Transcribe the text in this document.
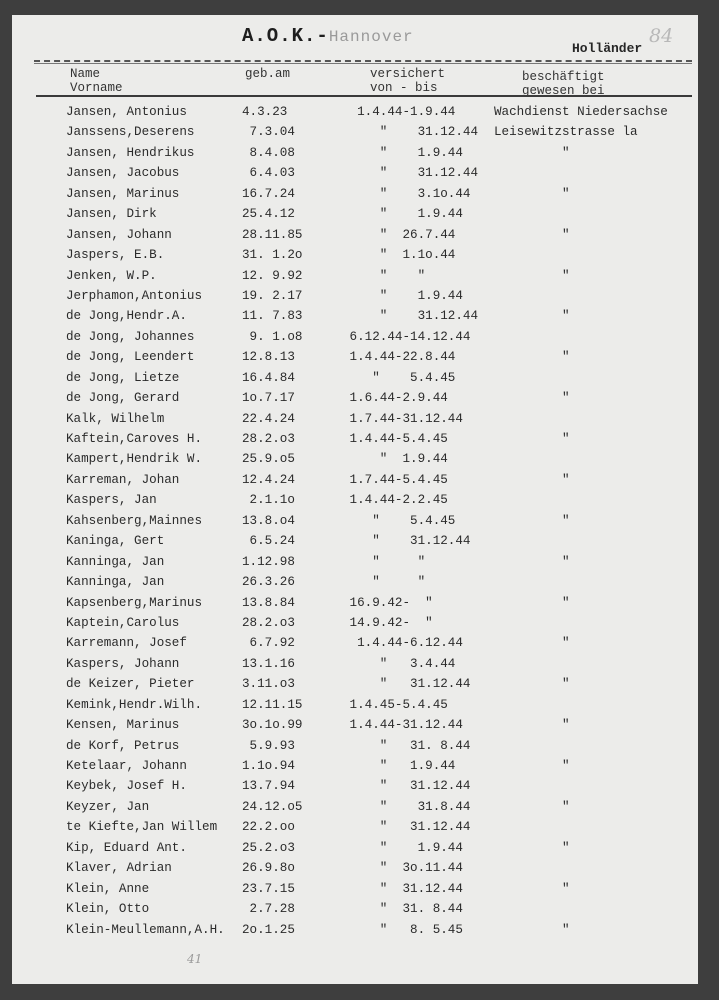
A.O.K.-Hannover
Holländer
84
Name
Vorname
geb.am	versichert
von - bis
beschäftigt
gewesen bei
Jansen, Antonius	4.3.23	1.4.44-1.9.44	Wachdienst Niedersachse
Janssens,Deserens	7.3.04	"    31.12.44 Leisewitzstrasse la
Jansen, Hendrikus	8.4.08	"    1.9.44 "
Jansen, Jacobus	6.4.03	"    31.12.44
Jansen, Marinus	16.7.24	"    3.1o.44 "
Jansen, Dirk	25.4.12	"    1.9.44
Jansen, Johann	28.11.85	"  26.7.44	"
Jaspers, E.B.	31. 1.2o	"  1.1o.44
Jenken, W.P.	12. 9.92	"    "	"
Jerphamon,Antonius	19. 2.17	"    1.9.44
de Jong,Hendr.A.	11. 7.83	"    31.12.44 "
de Jong, Johannes	9. 1.o8	6.12.44-14.12.44
de Jong, Leendert	12.8.13	1.4.44-22.8.44	"
de Jong, Lietze	16.4.84	"    5.4.45
de Jong, Gerard	1o.7.17	1.6.44-2.9.44	"
Kalk, Wilhelm	22.4.24	1.7.44-31.12.44
Kaftein,Caroves H.	28.2.o3	1.4.44-5.4.45	"
Kampert,Hendrik W.	25.9.o5	"  1.9.44
Karreman, Johan	12.4.24	1.7.44-5.4.45	"
Kaspers, Jan	2.1.1o	1.4.44-2.2.45
Kahsenberg,Mainnes	13.8.o4	"    5.4.45	"
Kaninga, Gert	6.5.24	"    31.12.44
Kanninga, Jan	1.12.98	"     "	"
Kanninga, Jan	26.3.26	"     "
Kapsenberg,Marinus	13.8.84	16.9.42-  "	"
Kaptein,Carolus	28.2.o3	14.9.42-  "
Karremann, Josef	6.7.92	1.4.44-6.12.44 "
Kaspers, Johann	13.1.16	"   3.4.44
de Keizer, Pieter	3.11.o3	"   31.12.44 "
Kemink,Hendr.Wilh.	12.11.15	1.4.45-5.4.45
Kensen, Marinus	3o.1o.99	1.4.44-31.12.44 "
de Korf, Petrus	5.9.93	"   31. 8.44
Ketelaar, Johann	1.1o.94	"   1.9.44	"
Keybek, Josef H.	13.7.94	"   31.12.44
Keyzer, Jan	24.12.o5	"    31.8.44 "
te Kiefte,Jan Willem 22.2.oo	"   31.12.44
Kip, Eduard Ant.	25.2.o3	"    1.9.44 "
Klaver, Adrian	26.9.8o	"  3o.11.44
Klein, Anne	23.7.15	"  31.12.44 "
Klein, Otto	2.7.28	"  31. 8.44
Klein-Meullemann,A.H. 2o.1.25	"   8. 5.45 "
41
